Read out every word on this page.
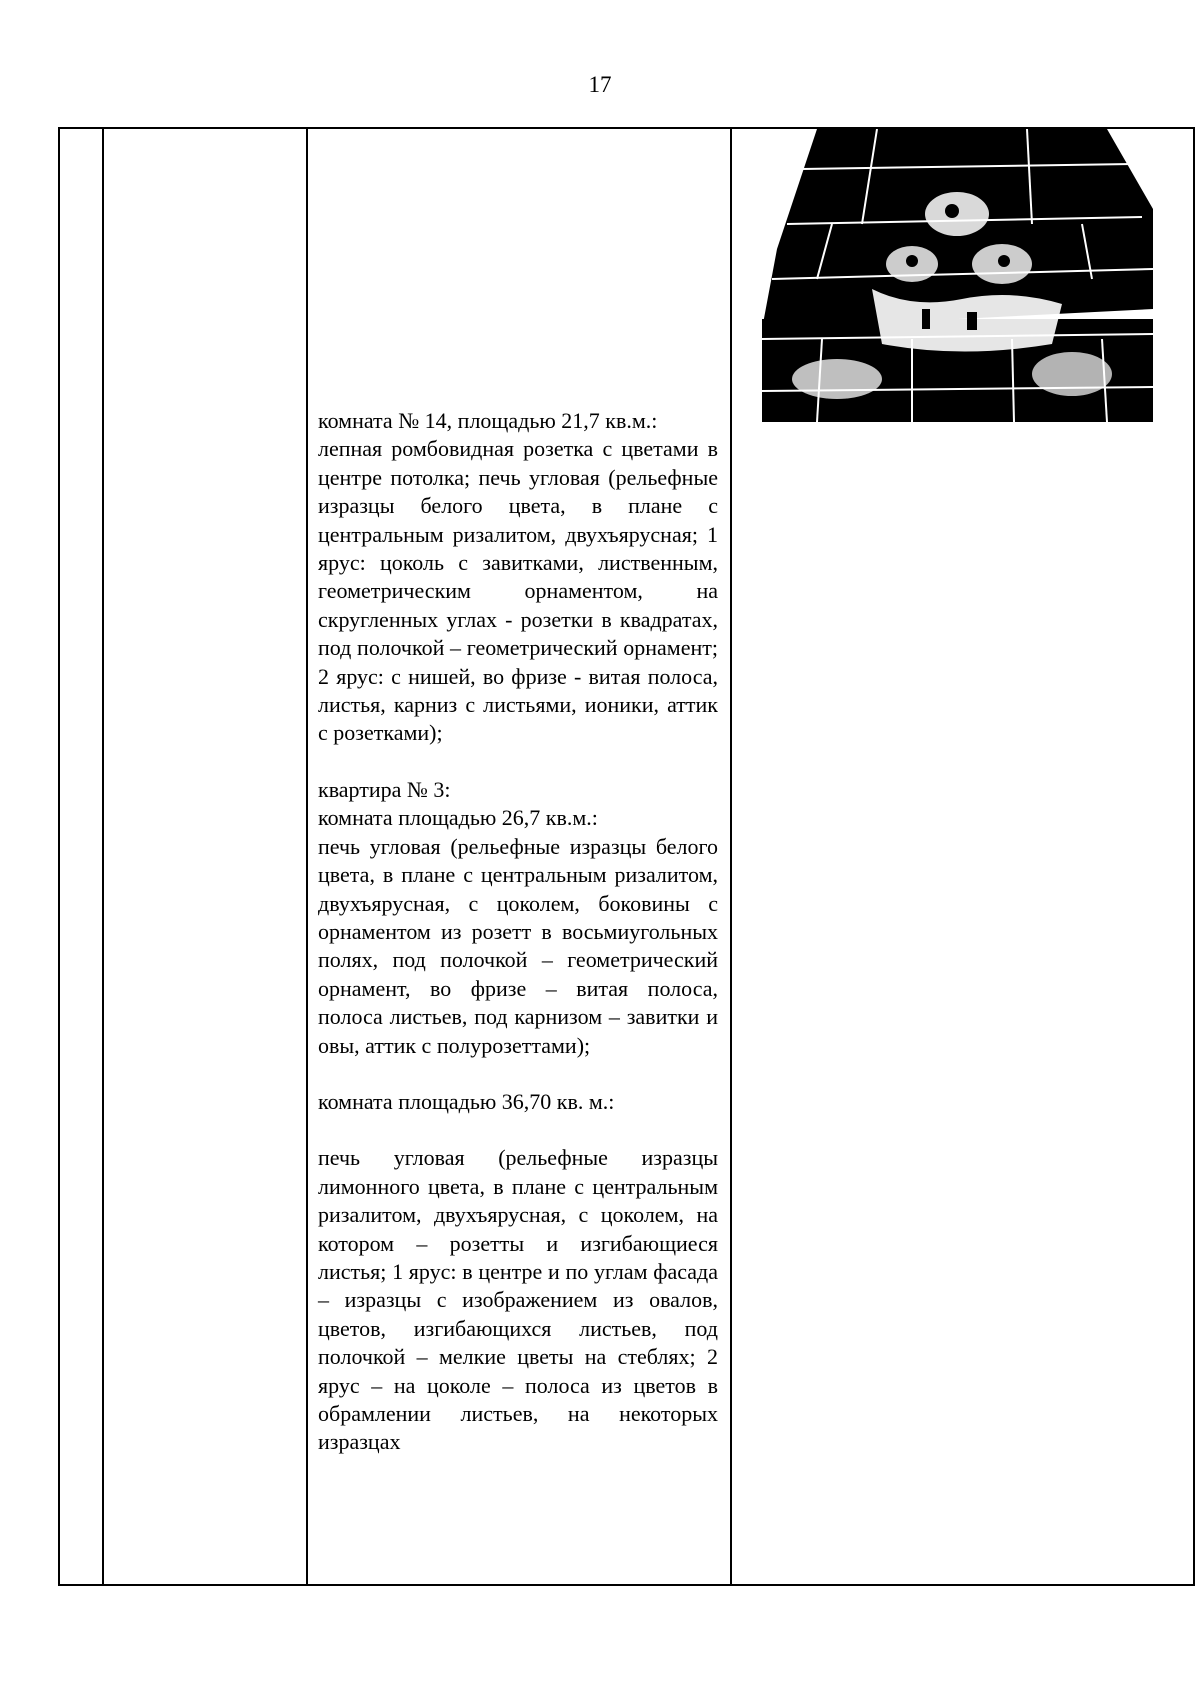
17

комната № 14, площадью 21,7 кв.м.:
лепная ромбовидная розетка с цветами в центре потолка; печь угловая (рельефные изразцы белого цвета, в плане с центральным ризалитом, двухъярусная; 1 ярус: цоколь с завитками, лиственным, геометрическим орнаментом, на скругленных углах - розетки в квадратах, под полочкой – геометрический орнамент; 2 ярус: с нишей, во фризе - витая полоса, листья, карниз с листьями, ионики, аттик с розетками);
квартира № 3:
комната площадью 26,7 кв.м.:
печь угловая (рельефные изразцы белого цвета, в плане с центральным ризалитом, двухъярусная, с цоколем, боковины с орнаментом из розетт в восьмиугольных полях, под полочкой – геометрический орнамент, во фризе – витая полоса, полоса листьев, под карнизом – завитки и овы, аттик с полурозеттами);
комната площадью 36,70 кв. м.:
печь угловая (рельефные изразцы лимонного цвета, в плане с центральным ризалитом, двухъярусная, с цоколем, на котором – розетты и изгибающиеся листья; 1 ярус: в центре и по углам фасада – изразцы с изображением из овалов, цветов, изгибающихся листьев, под полочкой – мелкие цветы на стеблях; 2 ярус – на цоколе – полоса из цветов в обрамлении листьев, на некоторых изразцах
